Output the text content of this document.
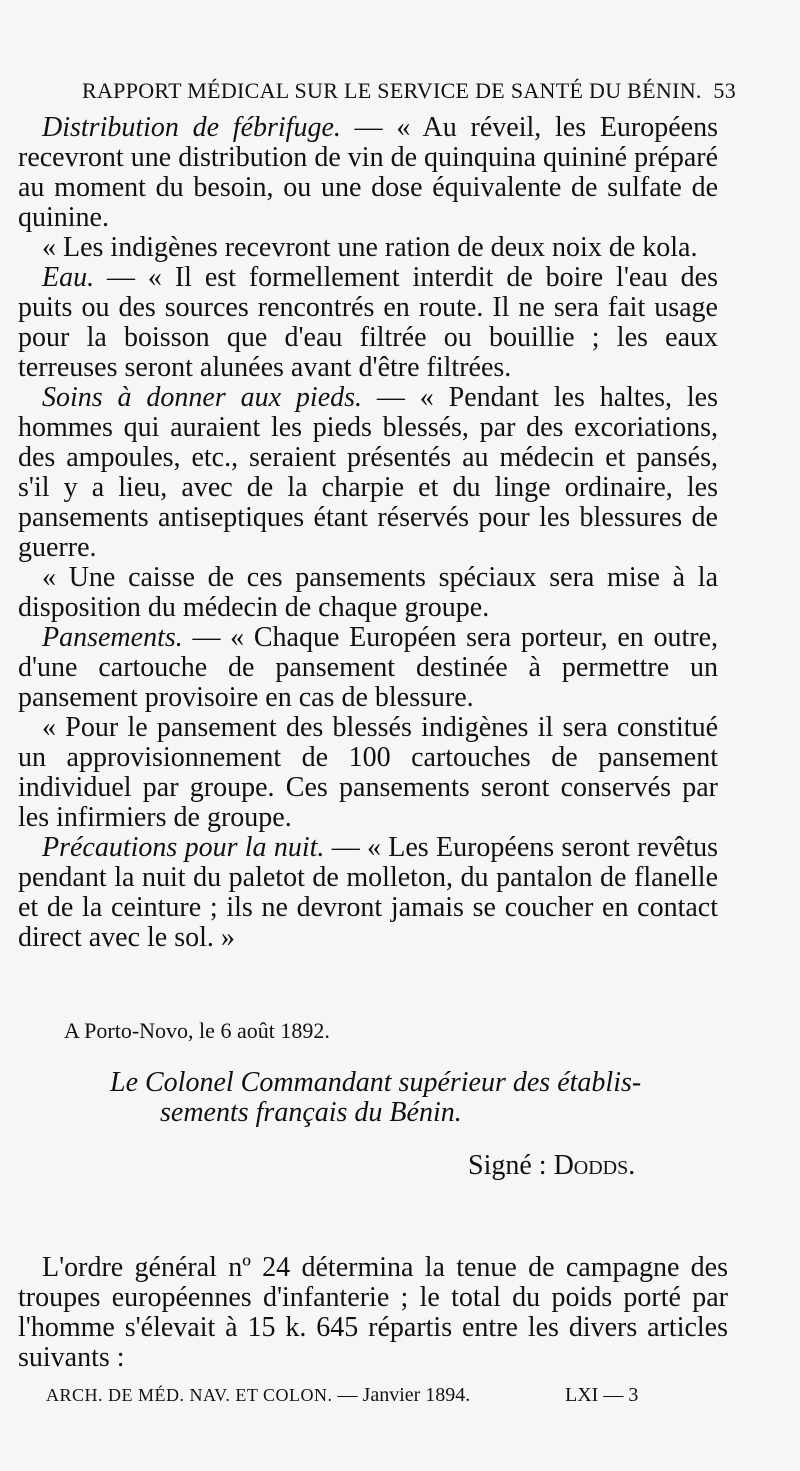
RAPPORT MÉDICAL SUR LE SERVICE DE SANTÉ DU BÉNIN. 53

Distribution de fébrifuge. — « Au réveil, les Européens recevront une distribution de vin de quinquina quininé préparé au moment du besoin, ou une dose équivalente de sulfate de quinine.

« Les indigènes recevront une ration de deux noix de kola.

Eau. — « Il est formellement interdit de boire l'eau des puits ou des sources rencontrés en route. Il ne sera fait usage pour la boisson que d'eau filtrée ou bouillie ; les eaux terreuses seront alunées avant d'être filtrées.

Soins à donner aux pieds. — « Pendant les haltes, les hommes qui auraient les pieds blessés, par des excoriations, des ampoules, etc., seraient présentés au médecin et pansés, s'il y a lieu, avec de la charpie et du linge ordinaire, les pansements antiseptiques étant réservés pour les blessures de guerre.

« Une caisse de ces pansements spéciaux sera mise à la disposition du médecin de chaque groupe.

Pansements. — « Chaque Européen sera porteur, en outre, d'une cartouche de pansement destinée à permettre un pansement provisoire en cas de blessure.

« Pour le pansement des blessés indigènes il sera constitué un approvisionnement de 100 cartouches de pansement individuel par groupe. Ces pansements seront conservés par les infirmiers de groupe.

Précautions pour la nuit. — « Les Européens seront revêtus pendant la nuit du paletot de molleton, du pantalon de flanelle et de la ceinture ; ils ne devront jamais se coucher en contact direct avec le sol. »

A Porto-Novo, le 6 août 1892.
Le Colonel Commandant supérieur des établis-
sements français du Bénin.
Signé : Dodds.

L'ordre général nº 24 détermina la tenue de campagne des troupes européennes d'infanterie ; le total du poids porté par l'homme s'élevait à 15 k. 645 répartis entre les divers articles suivants :

ARCH. DE MÉD. NAV. ET COLON. — Janvier 1894.	LXI — 3
